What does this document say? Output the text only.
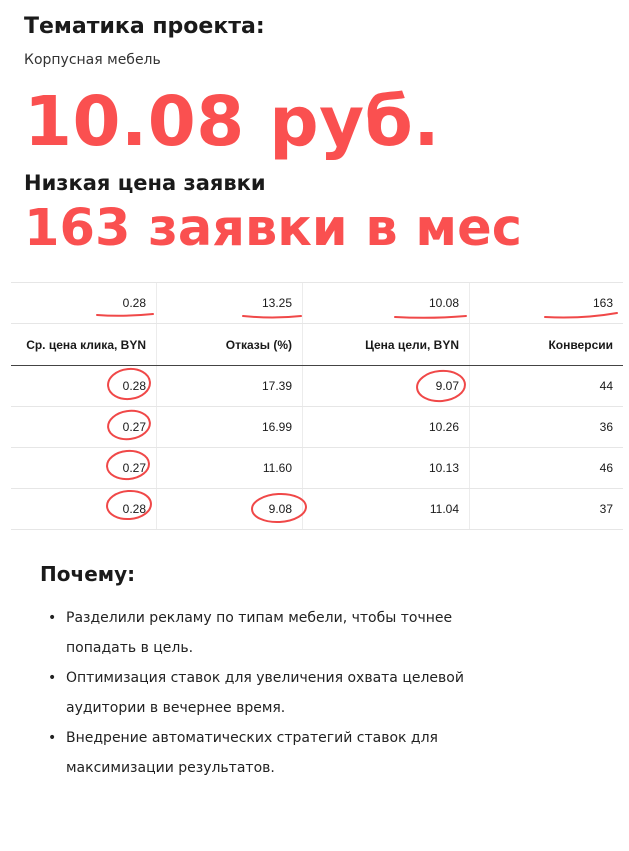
Тематика проекта:
Корпусная мебель
10.08 руб.
Низкая цена заявки
163 заявки в мес
0.28	13.25	10.08	163
Ср. цена клика, BYN	Отказы (%)	Цена цели, BYN	Конверсии
0.28	17.39	9.07	44
0.27	16.99	10.26	36
0.27	11.60	10.13	46
0.28	9.08	11.04	37
Почему:
• Разделили рекламу по типам мебели, чтобы точнее попадать в цель.
• Оптимизация ставок для увеличения охвата целевой аудитории в вечернее время.
• Внедрение автоматических стратегий ставок для максимизации результатов.
